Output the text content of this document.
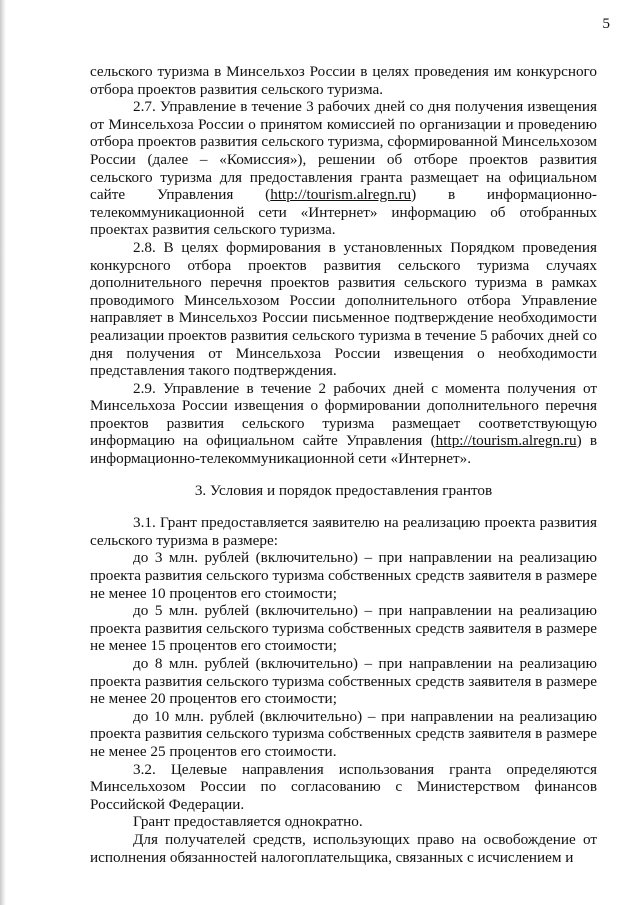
5

сельского туризма в Минсельхоз России в целях проведения им конкурсного отбора проектов развития сельского туризма.

2.7. Управление в течение 3 рабочих дней со дня получения извещения от Минсельхоза России о принятом комиссией по организации и проведению отбора проектов развития сельского туризма, сформированной Минсельхозом России (далее – «Комиссия»), решении об отборе проектов развития сельского туризма для предоставления гранта размещает на официальном сайте Управления (http://tourism.alregn.ru) в информационно-телекоммуникационной сети «Интернет» информацию об отобранных проектах развития сельского туризма.

2.8. В целях формирования в установленных Порядком проведения конкурсного отбора проектов развития сельского туризма случаях дополнительного перечня проектов развития сельского туризма в рамках проводимого Минсельхозом России дополнительного отбора Управление направляет в Минсельхоз России письменное подтверждение необходимости реализации проектов развития сельского туризма в течение 5 рабочих дней со дня получения от Минсельхоза России извещения о необходимости представления такого подтверждения.

2.9. Управление в течение 2 рабочих дней с момента получения от Минсельхоза России извещения о формировании дополнительного перечня проектов развития сельского туризма размещает соответствующую информацию на официальном сайте Управления (http://tourism.alregn.ru) в информационно-телекоммуникационной сети «Интернет».

3. Условия и порядок предоставления грантов

3.1. Грант предоставляется заявителю на реализацию проекта развития сельского туризма в размере:

до 3 млн. рублей (включительно) – при направлении на реализацию проекта развития сельского туризма собственных средств заявителя в размере не менее 10 процентов его стоимости;

до 5 млн. рублей (включительно) – при направлении на реализацию проекта развития сельского туризма собственных средств заявителя в размере не менее 15 процентов его стоимости;

до 8 млн. рублей (включительно) – при направлении на реализацию проекта развития сельского туризма собственных средств заявителя в размере не менее 20 процентов его стоимости;

до 10 млн. рублей (включительно) – при направлении на реализацию проекта развития сельского туризма собственных средств заявителя в размере не менее 25 процентов его стоимости.

3.2. Целевые направления использования гранта определяются Минсельхозом России по согласованию с Министерством финансов Российской Федерации.

Грант предоставляется однократно.

Для получателей средств, использующих право на освобождение от исполнения обязанностей налогоплательщика, связанных с исчислением и
